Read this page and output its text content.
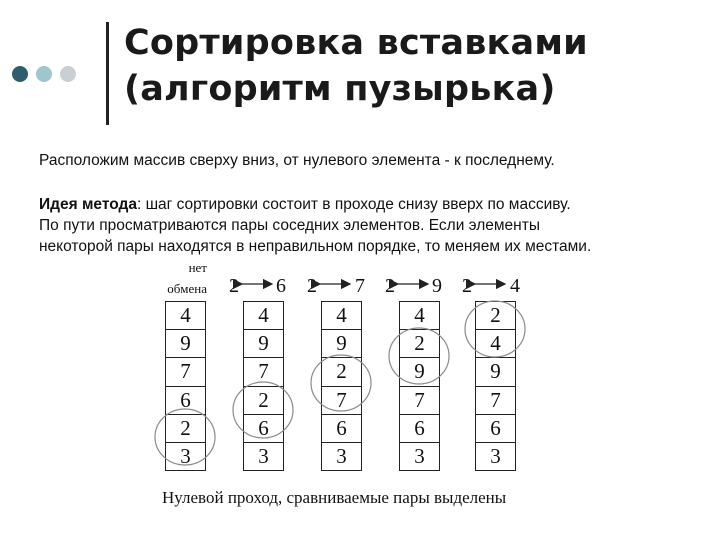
Сортировка вставками
(алгоритм пузырька)
Расположим массив сверху вниз, от нулевого элемента - к последнему.
Идея метода: шаг сортировки состоит в проходе снизу вверх по массиву.
По пути просматриваются пары соседних элементов. Если элементы
некоторой пары находятся в неправильном порядке, то меняем их местами.
нет
обмена 2 6 2 7 2 9 2 4
4
9
7
6
2
3
4
9
7
2
6
3
4
9
2
7
6
3
4
2
9
7
6
3
2
4
9
7
6
3
Нулевой проход, сравниваемые пары выделены
